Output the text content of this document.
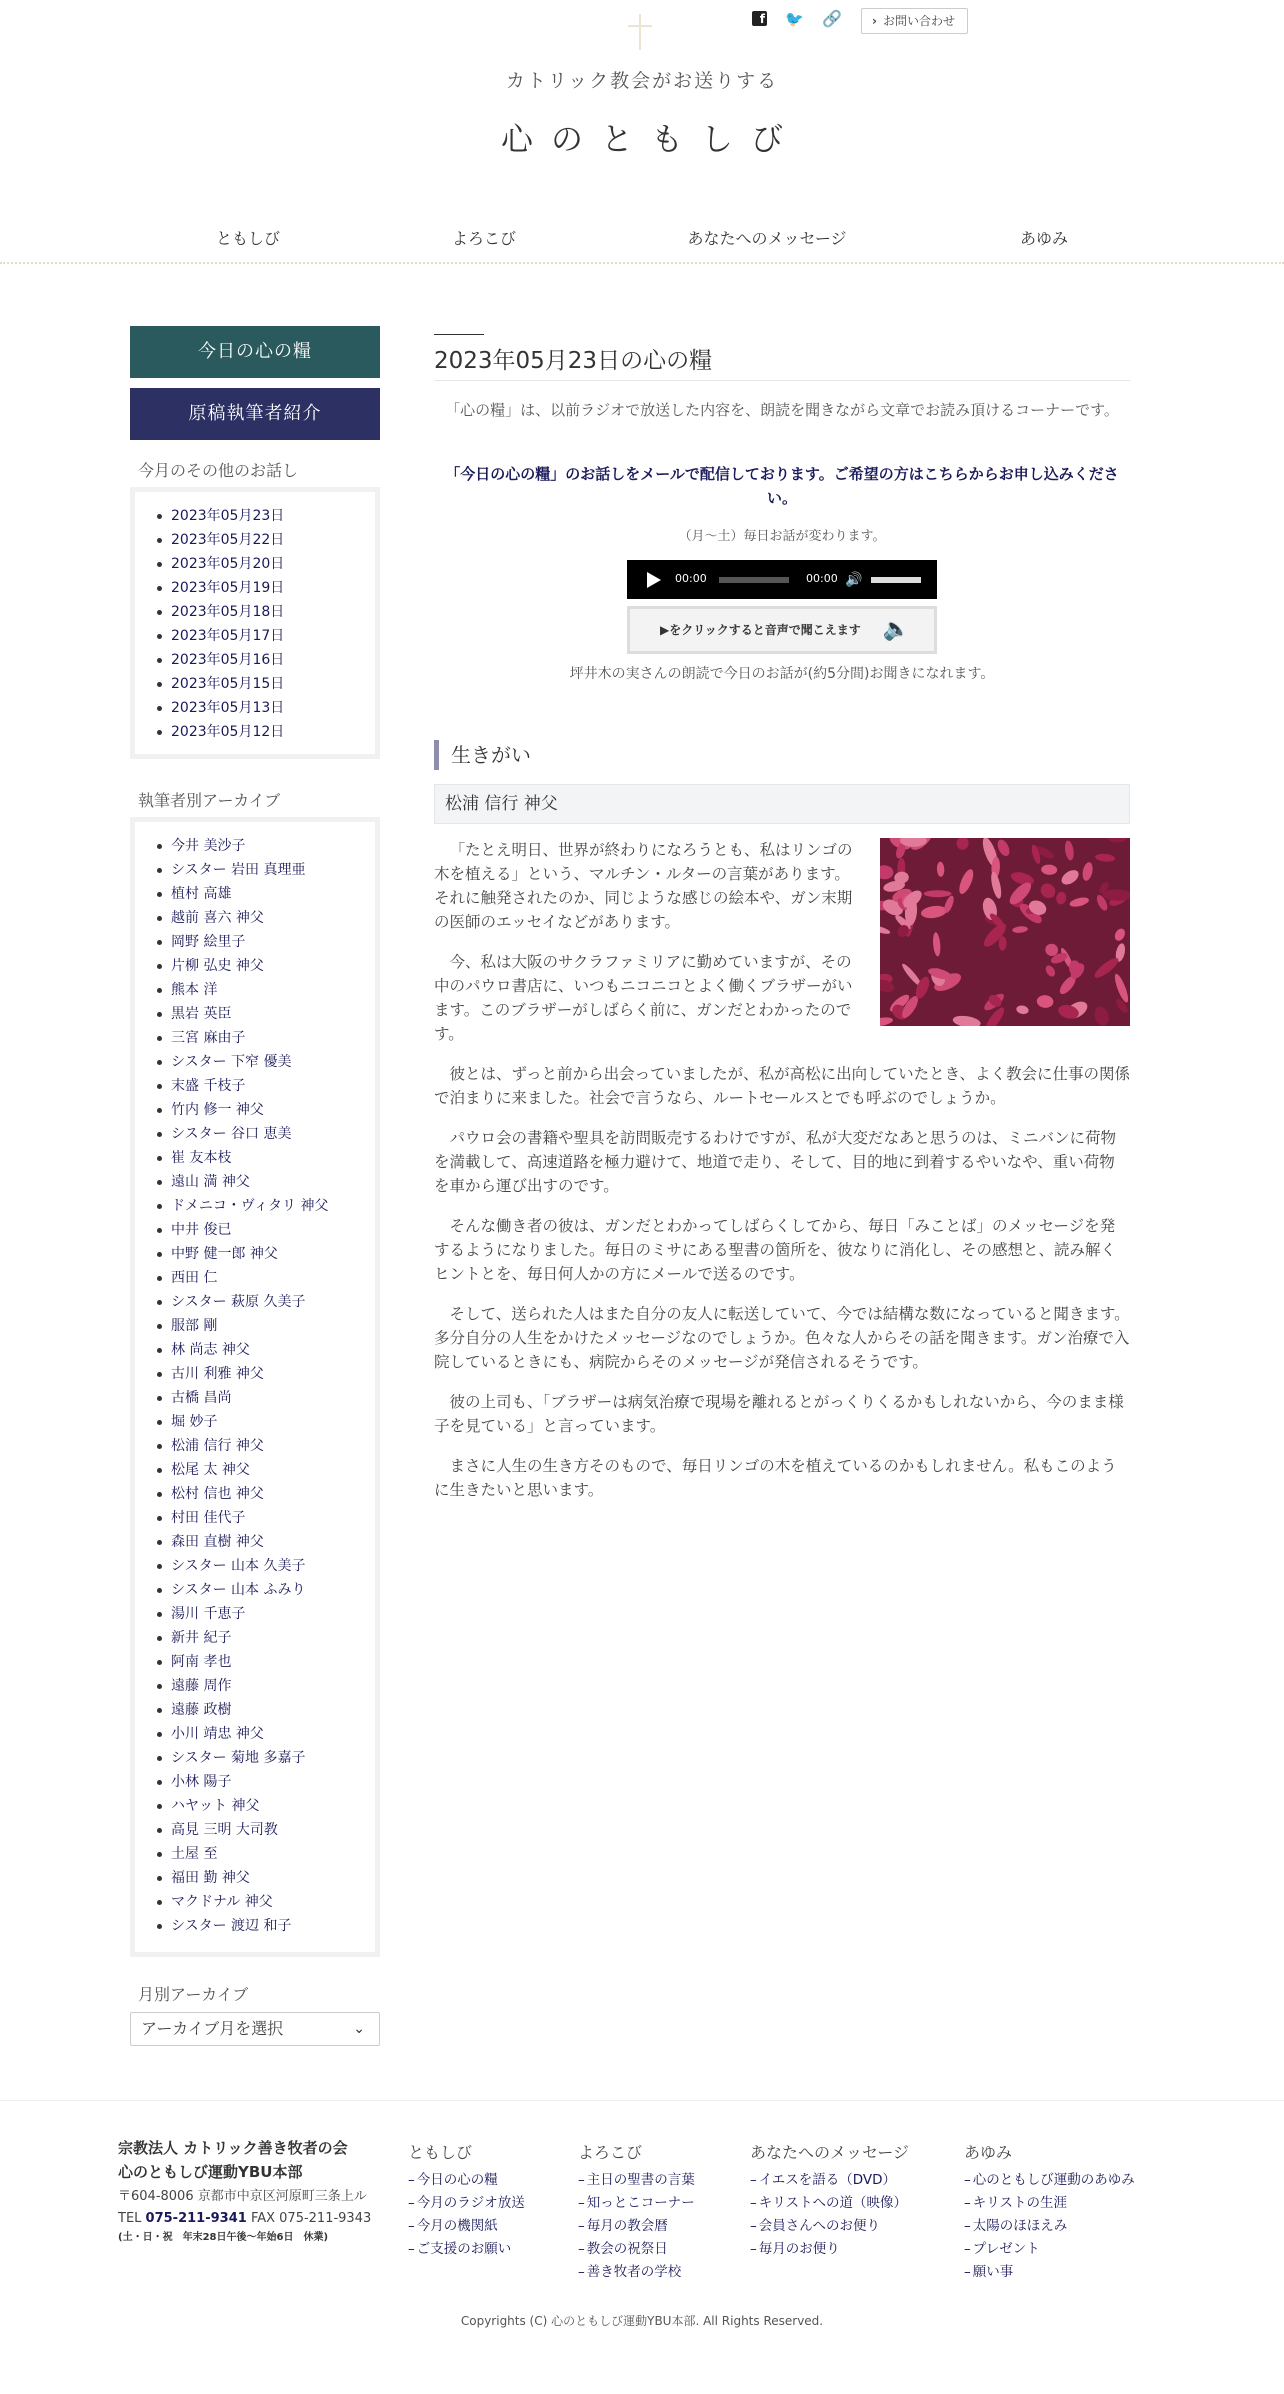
f 🐦 🔗	› お問い合わせ
カトリック教会がお送りする
心のともしび
ともしび	よろこび	あなたへのメッセージ	あゆみ
今日の心の糧
原稿執筆者紹介
今月のその他のお話し
2023年05月23日
2023年05月22日
2023年05月20日
2023年05月19日
2023年05月18日
2023年05月17日
2023年05月16日
2023年05月15日
2023年05月13日
2023年05月12日
執筆者別アーカイブ
今井 美沙子
シスター 岩田 真理亜
植村 高雄
越前 喜六 神父
岡野 絵里子
片柳 弘史 神父
熊本 洋
黒岩 英臣
三宮 麻由子
シスター 下窄 優美
末盛 千枝子
竹内 修一 神父
シスター 谷口 恵美
崔 友本枝
遠山 満 神父
ドメニコ・ヴィタリ 神父
中井 俊已
中野 健一郎 神父
西田 仁
シスター 萩原 久美子
服部 剛
林 尚志 神父
古川 利雅 神父
古橋 昌尚
堀 妙子
松浦 信行 神父
松尾 太 神父
松村 信也 神父
村田 佳代子
森田 直樹 神父
シスター 山本 久美子
シスター 山本 ふみり
湯川 千恵子
新井 紀子
阿南 孝也
遠藤 周作
遠藤 政樹
小川 靖忠 神父
シスター 菊地 多嘉子
小林 陽子
ハヤット 神父
高見 三明 大司教
土屋 至
福田 勤 神父
マクドナル 神父
シスター 渡辺 和子
月別アーカイブ
アーカイブ月を選択	⌄
2023年05月23日の心の糧
「心の糧」は、以前ラジオで放送した内容を、朗読を聞きながら文章でお読み頂けるコーナーです。
「今日の心の糧」のお話しをメールで配信しております。ご希望の方はこちらからお申し込みください。
（月～土）毎日お話が変わります。
00:00	00:00 🔊
▶をクリックすると音声で聞こえます 🔈
坪井木の実さんの朗読で今日のお話が(約5分間)お聞きになれます。
生きがい
松浦 信行 神父
「たとえ明日、世界が終わりになろうとも、私はリンゴの木を植える」という、マルチン・ルターの言葉があります。それに触発されたのか、同じような感じの絵本や、ガン末期の医師のエッセイなどがあります。
今、私は大阪のサクラファミリアに勤めていますが、その中のパウロ書店に、いつもニコニコとよく働くブラザーがいます。このブラザーがしばらく前に、ガンだとわかったのです。
彼とは、ずっと前から出会っていましたが、私が高松に出向していたとき、よく教会に仕事の関係で泊まりに来ました。社会で言うなら、ルートセールスとでも呼ぶのでしょうか。
パウロ会の書籍や聖具を訪問販売するわけですが、私が大変だなあと思うのは、ミニバンに荷物を満載して、高速道路を極力避けて、地道で走り、そして、目的地に到着するやいなや、重い荷物を車から運び出すのです。
そんな働き者の彼は、ガンだとわかってしばらくしてから、毎日「みことば」のメッセージを発するようになりました。毎日のミサにある聖書の箇所を、彼なりに消化し、その感想と、読み解くヒントとを、毎日何人かの方にメールで送るのです。
そして、送られた人はまた自分の友人に転送していて、今では結構な数になっていると聞きます。多分自分の人生をかけたメッセージなのでしょうか。色々な人からその話を聞きます。ガン治療で入院しているときにも、病院からそのメッセージが発信されるそうです。
彼の上司も、「ブラザーは病気治療で現場を離れるとがっくりくるかもしれないから、今のまま様子を見ている」と言っています。
まさに人生の生き方そのもので、毎日リンゴの木を植えているのかもしれません。私もこのように生きたいと思います。
宗教法人 カトリック善き牧者の会
心のともしび運動YBU本部
〒604-8006 京都市中京区河原町三条上ル
TEL 075-211-9341 FAX 075-211-9343
(土・日・祝　年末28日午後～年始6日　休業)
ともしび
– 今日の心の糧
– 今月のラジオ放送
– 今月の機関紙
– ご支援のお願い
よろこび
– 主日の聖書の言葉
– 知っとこコーナー
– 毎月の教会暦
– 教会の祝祭日
– 善き牧者の学校
あなたへのメッセージ
– イエスを語る（DVD）
– キリストへの道（映像）
– 会員さんへのお便り
– 毎月のお便り
あゆみ
– 心のともしび運動のあゆみ
– キリストの生涯
– 太陽のほほえみ
– プレゼント
– 願い事
Copyrights (C) 心のともしび運動YBU本部. All Rights Reserved.
